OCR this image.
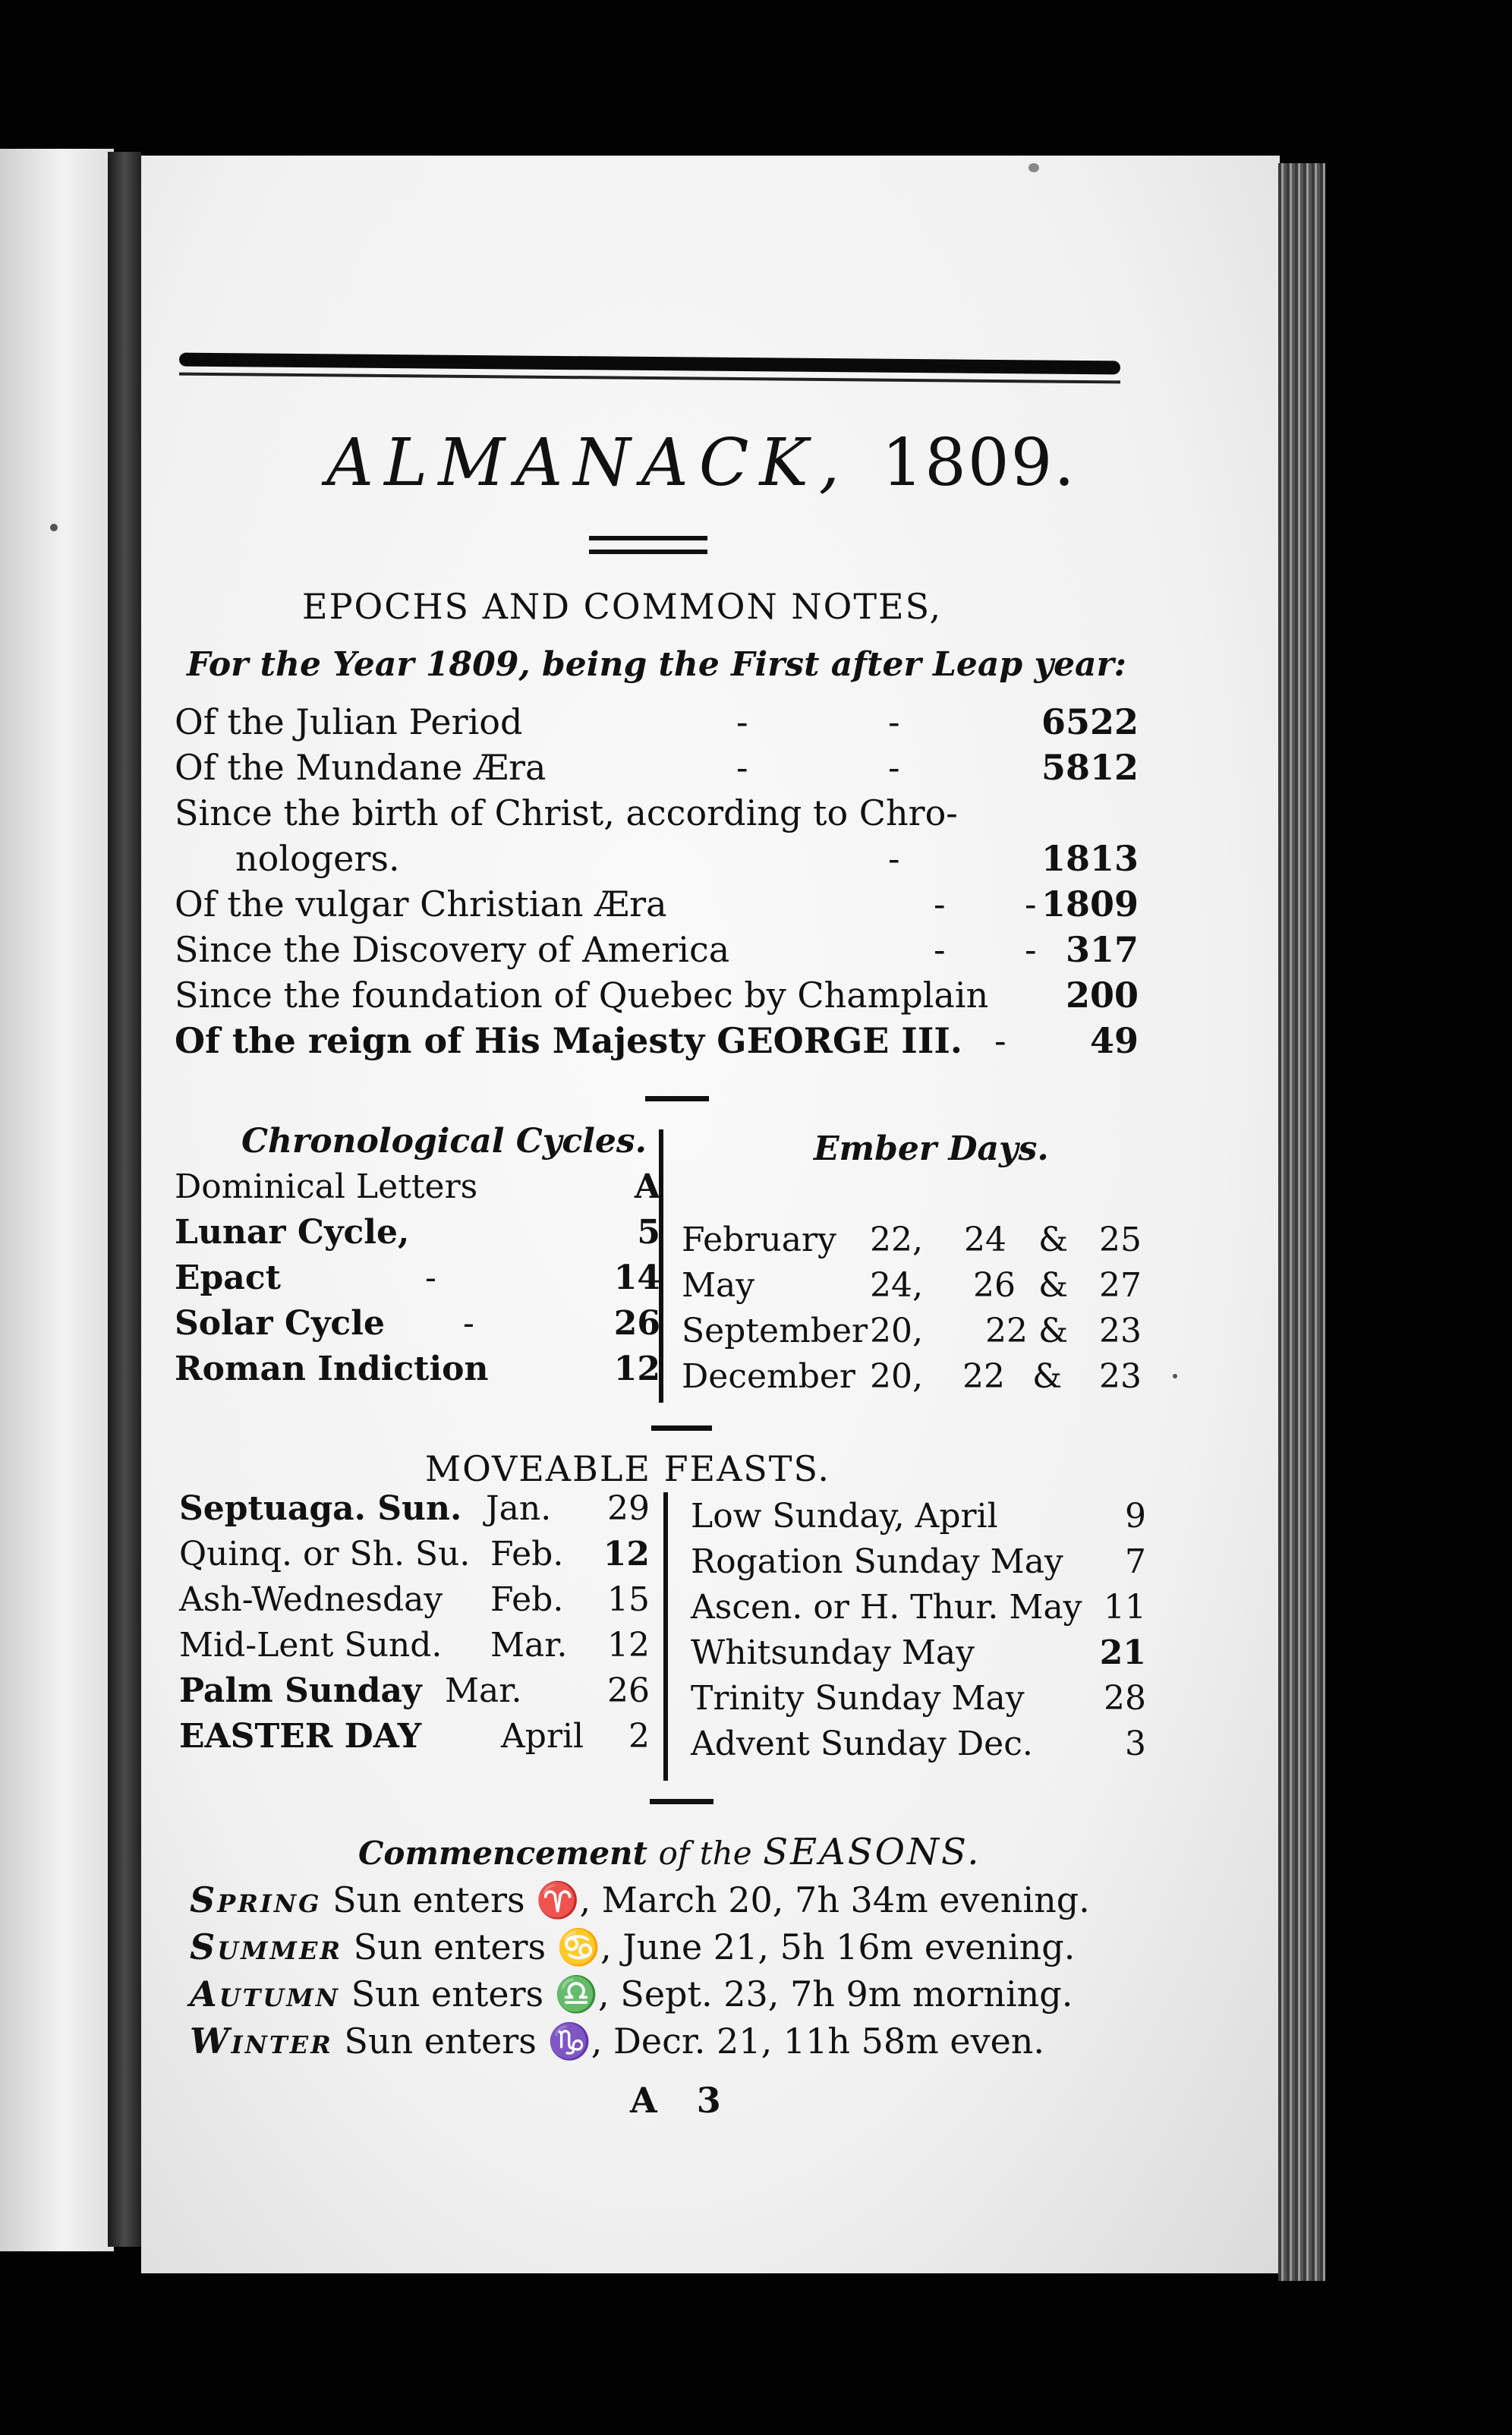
ALMANACK, 1809.
EPOCHS AND COMMON NOTES,
For the Year 1809, being the First after Leap year:
Of the Julian Period	-	-	6522
Of the Mundane Æra	-	-	5812
Since the birth of Christ, according to Chro-
nologers.	-	1813
Of the vulgar Christian Æra	- - 1809
Since the Discovery of America	- - 317
Since the foundation of Quebec by Champlain 200
Of the reign of His Majesty GEORGE III. - 49
Chronological Cycles.	Ember Days.
Dominical Letters	A
Lunar Cycle,	5
Epact	-	14
Solar Cycle -	26
Roman Indiction	12
February 22, 24 & 25
May	24, 26 & 27
September 20, 22 & 23
December 20, 22 & 23
MOVEABLE FEASTS.
Septuaga. Sun. Jan. 29
Quinq. or Sh. Su. Feb. 12
Ash-Wednesday Feb. 15
Mid-Lent Sund. Mar. 12
Palm Sunday Mar.	26
EASTER DAY April 2
Low Sunday, April	9
Rogation Sunday May 7
Ascen. or H. Thur. May 11
Whitsunday May	21
Trinity Sunday May 28
Advent Sunday Dec.	3
Commencement of the SEASONS.
Spring Sun enters ♈, March 20, 7h 34m evening.
Summer Sun enters ♋, June 21, 5h 16m evening.
Autumn Sun enters ♎, Sept. 23, 7h 9m morning.
Winter Sun enters ♑, Decr. 21, 11h 58m even.
A 3
